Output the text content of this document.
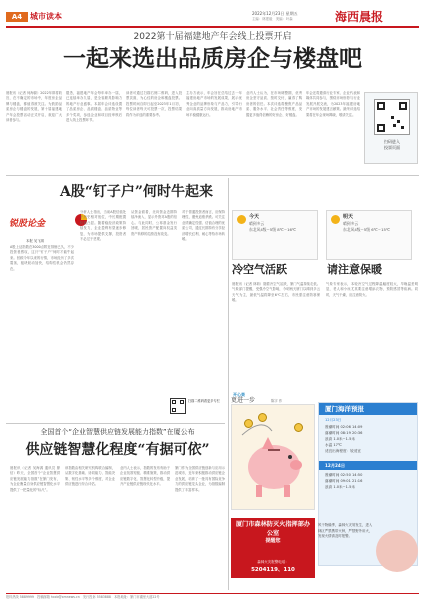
A4 城市读本	2022年12月23日 星期五
主编：林建毅　美编：叶森	海西晨报
2022第十届福建地产年会线上投票开启
一起来选出品质房企与楼盘吧
晨报讯（记者 何海源）2022年即将收官，在不确定的市场中，年度房企品牌与楼盘，都值得被关注。为鼓励品质房企与楼盘的发展，第十届福建地产年会投票活动正式开启，欢迎广大读者参与。
据悉，福建地产年会每年举办一届，已连续举办九届，是全省颇具影响力的地产行业盛事。本届年会评选设置了品质房企、品质楼盘、品质物业等多个奖项，参选企业和项目经审核后进入线上投票环节。
读者可通过扫描右侧二维码，进入投票页面，为心仪的房企和楼盘投票。投票时间自即日起至2023年1月初，每位读者每天可投票一次，投票结果将作为评选的重要参考。
主办方表示，年会旨在总结过去一年福建房地产市场的发展成果，展示优秀企业的品牌形象与产品力，引导行业向高质量方向发展，推动房地产市场平稳健康运行。
业内人士认为，在市场调整期，优秀房企坚守品质、按时交付，赢得了购房者的信任。本次评选将聚焦产品品质、服务水平、社会责任等维度，发掘更多值得信赖的好房企、好楼盘。
年会还将邀请行业专家、企业代表和媒体共同参与，围绕市场形势与行业发展开展交流，为2023年福建房地产市场的发展建言献策。最终评选结果将在年会现场揭晓，敬请关注。
扫码进入
投票页面
A股“钉子户”何时牛起来
锐股论金
本报 吴飞琪
A股上证指数在3000点附近徘徊已久，不少投资者感叹，这只“钉子户”何时才能牛起来。回顾今年以来的行情，市场经历了多次震荡，板块轮动加快，结构性机会仍然存在。
分析人士指出，当前A股估值处于历史相对低位，中长期配置价值凸显。随着稳经济政策持续发力，企业盈利有望逐步修复，为市场提供支撑，投资者不必过于悲观。
从资金面看，北向资金近期持续净流入，显示外资对A股的信心。与此同时，公募基金发行回暖，居民资产配置向权益类资产转移的趋势没有改变。
对于普通投资者而言，应保持理性，避免追涨杀跌。可关注业绩确定性强、估值合理的优质公司，通过长期持有分享经济增长红利，耐心等待市场转暖。
扫描二维码看更多专栏
全国首个“企业智慧供应链发展能力指数”在厦公布
供应链智慧化程度“有据可依”
晨报讯（记者 吴海源 通讯员 厦信）昨天，全国首个“企业智慧供应链发展能力指数”在厦门发布，为企业衡量自身供应链智慧化水平提供了一把量化的“标尺”。
该指数由相关研究机构联合编制，从数字化基础、协同能力、智能决策、韧性水平等多个维度，对企业供应链进行综合评估。
业内人士表示，指数的发布有助于企业找准短板、精准施策，推动供应链数字化、智慧化转型升级，提升产业链供应链现代化水平。
厦门作为全国供应链创新与应用示范城市，近年来积极推动供应链企业发展，培育了一批具有国际竞争力的供应链龙头企业，为指数编制提供了丰富样本。
今天
晴到多云
东北风4级~5级 8℃~16℃
明天
晴到多云
东北风4级~5级 6℃~15℃
冷空气活跃	请注意保暖
晨报讯（记者 林莉）随着冷空气活跃，厦门气温持续走低。气象部门提醒，受强冷空气影响，今明两天厦门以晴到多云天气为主，最低气温将降至6℃左右，市民需注意防寒保暖。
气象专家表示，本轮冷空气过程降温幅度较大，早晚温差明显，老人和小孩尤其要注意增添衣物，预防感冒等疾病。同时，天气干燥，应注意防火。
开心果
更进一步	陈宇 作
厦门海洋预报
12月23日
涨潮时间 02:06 14:09
落潮时间 08:19 20:36
浪高 1.0米~1.5米
水温 17℃
适宜出海程度：较适宜
12月24日
涨潮时间 02:50 14:50
落潮时间 09:01 21:16
浪高 1.0米~1.5米
厦门市森林防灭火指挥部办公室
提醒您
森林火灾报警电话：
5204119、110
风干物燥季，森林火灾易发生，进入林区严禁携带火种，严禁野外用火，发现火情请及时报警。
报料热线 5889999　投稿邮箱 hxcb@xmnews.cn　发行投诉 5583888　本报地址：厦门市湖里大道22号
